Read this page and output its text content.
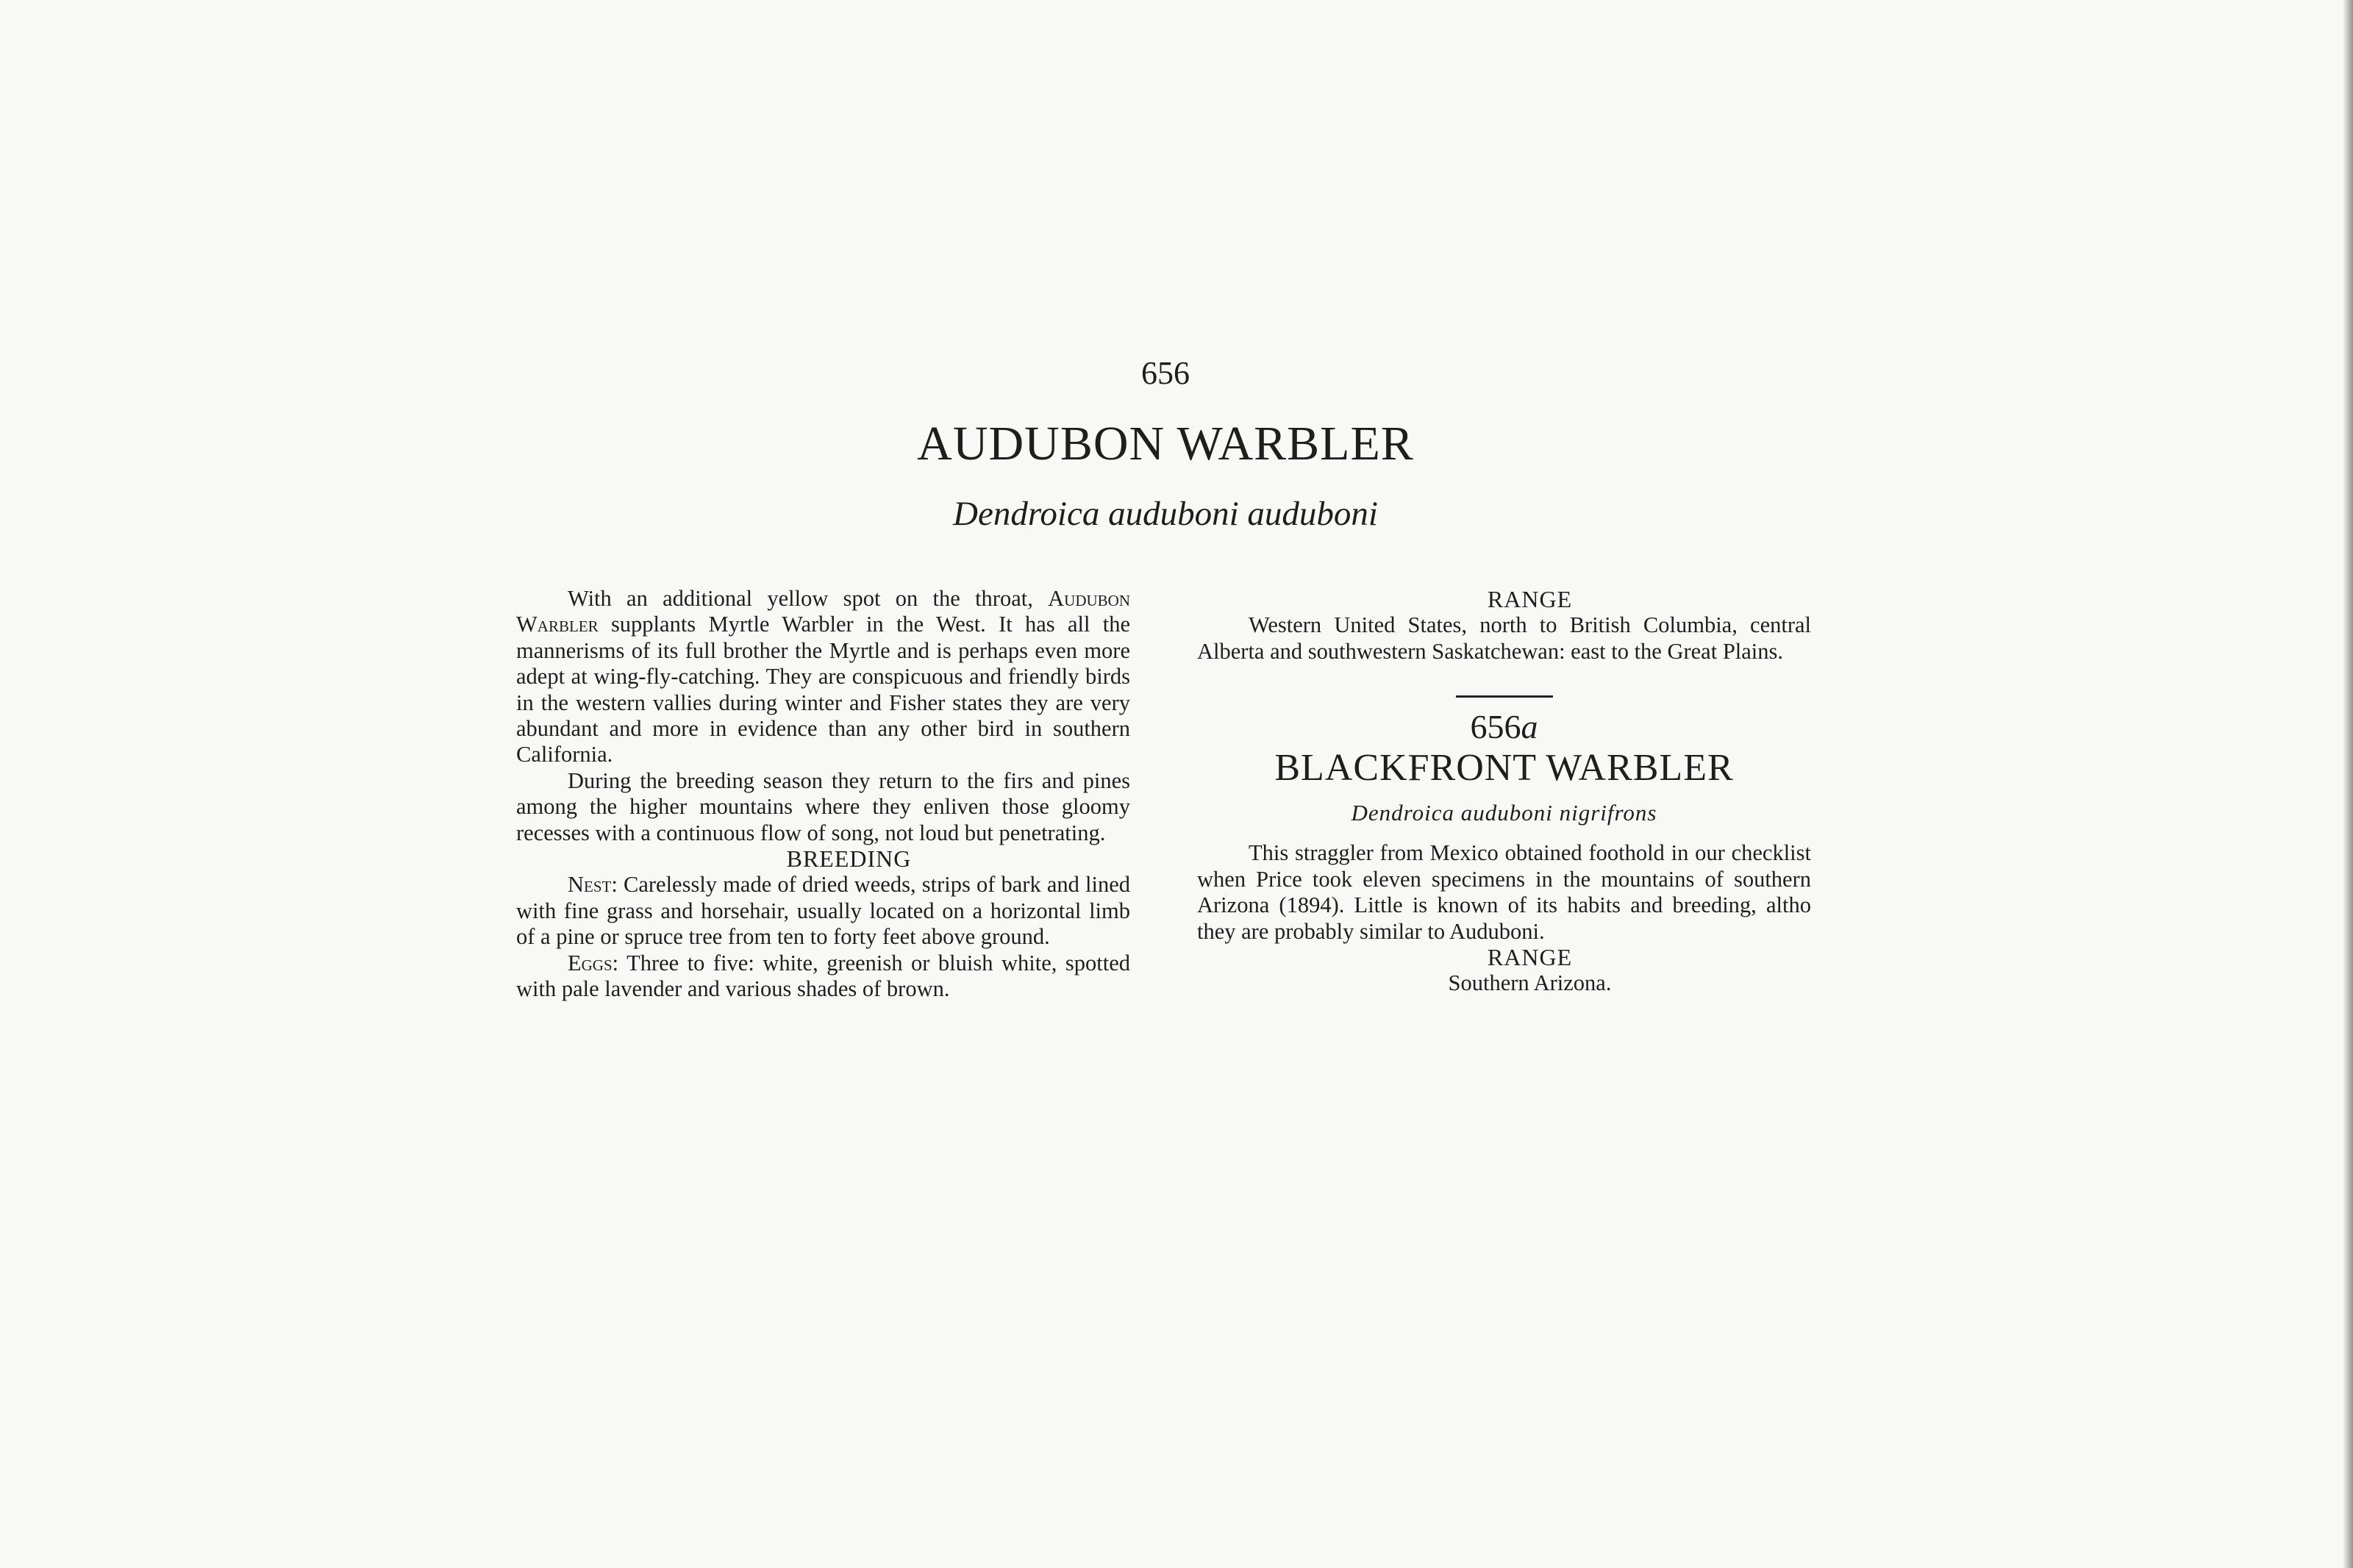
656
AUDUBON WARBLER
Dendroica auduboni auduboni

With an additional yellow spot on the throat, Audubon Warbler supplants Myrtle Warbler in the West. It has all the mannerisms of its full brother the Myrtle and is perhaps even more adept at wing-fly-catching. They are conspicuous and friendly birds in the western vallies during winter and Fisher states they are very abundant and more in evidence than any other bird in southern California.

During the breeding season they return to the firs and pines among the higher mountains where they enliven those gloomy recesses with a continuous flow of song, not loud but penetrating.

BREEDING

Nest: Carelessly made of dried weeds, strips of bark and lined with fine grass and horsehair, usually located on a horizontal limb of a pine or spruce tree from ten to forty feet above ground.

Eggs: Three to five: white, greenish or bluish white, spotted with pale lavender and various shades of brown.

RANGE

Western United States, north to British Columbia, central Alberta and southwestern Saskatchewan: east to the Great Plains.

656a
BLACKFRONT WARBLER
Dendroica auduboni nigrifrons

This straggler from Mexico obtained foothold in our checklist when Price took eleven specimens in the mountains of southern Arizona (1894). Little is known of its habits and breeding, altho they are probably similar to Auduboni.

RANGE

Southern Arizona.
